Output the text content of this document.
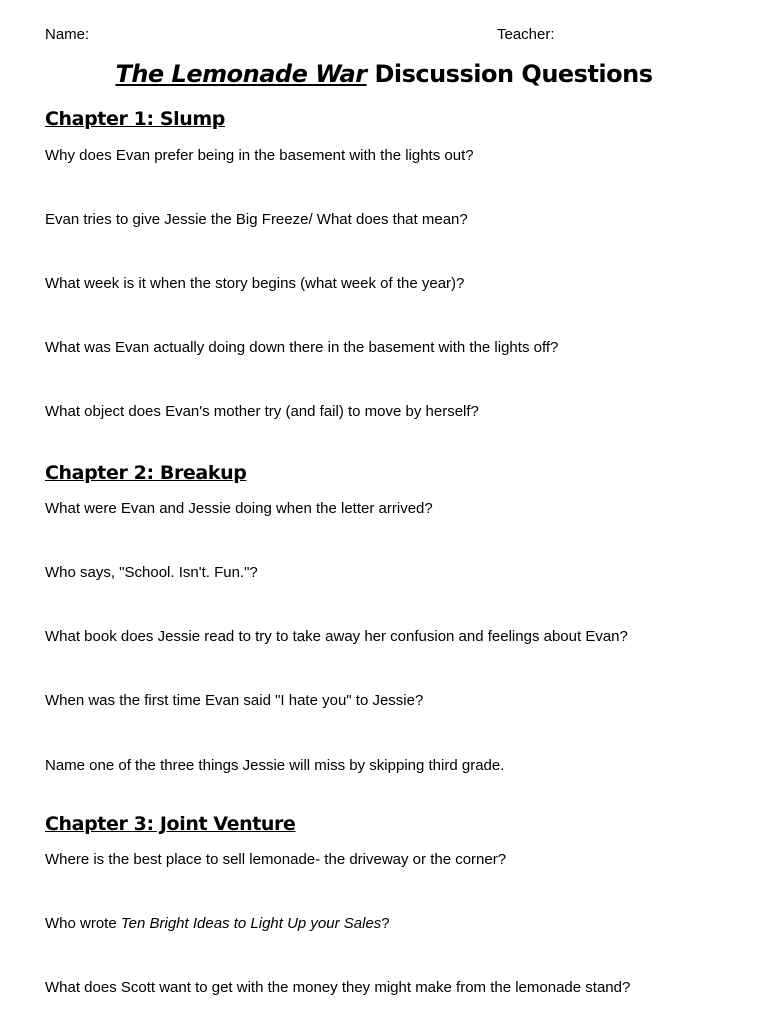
Name:	Teacher:
The Lemonade War Discussion Questions
Chapter 1: Slump
Why does Evan prefer being in the basement with the lights out?
Evan tries to give Jessie the Big Freeze/ What does that mean?
What week is it when the story begins (what week of the year)?
What was Evan actually doing down there in the basement with the lights off?
What object does Evan's mother try (and fail) to move by herself?
Chapter 2: Breakup
What were Evan and Jessie doing when the letter arrived?
Who says, "School. Isn't. Fun."?
What book does Jessie read to try to take away her confusion and feelings about Evan?
When was the first time Evan said "I hate you" to Jessie?
Name one of the three things Jessie will miss by skipping third grade.
Chapter 3: Joint Venture
Where is the best place to sell lemonade- the driveway or the corner?
Who wrote Ten Bright Ideas to Light Up your Sales?
What does Scott want to get with the money they might make from the lemonade stand?
